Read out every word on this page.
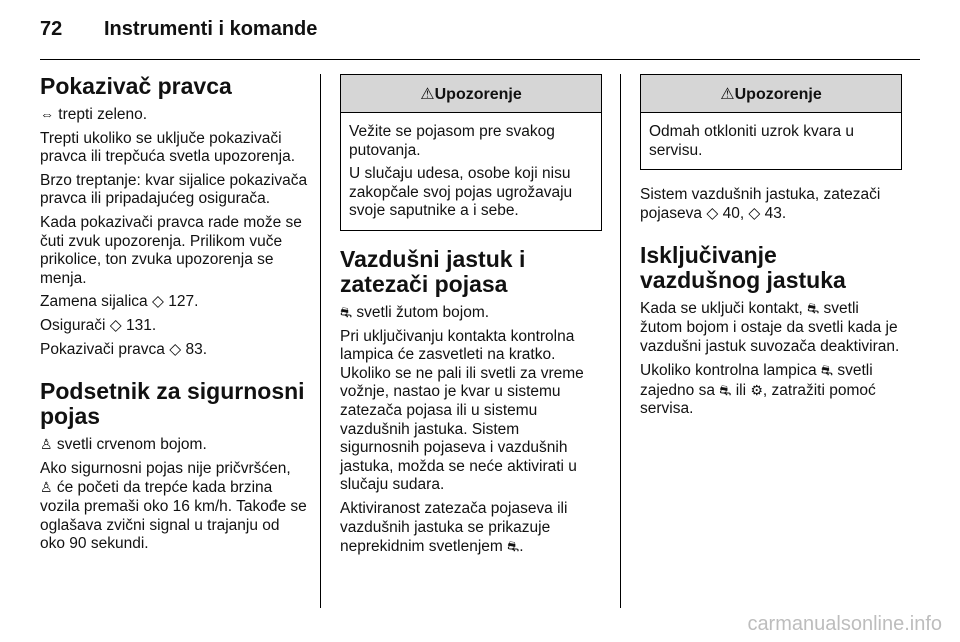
72 Instrumenti i komande
Pokazivač pravca

⇔ trepti zeleno.

Trepti ukoliko se uključe pokazivači pravca ili trepčuća svetla upozorenja.

Brzo treptanje: kvar sijalice pokazivača pravca ili pripadajućeg osigurača.

Kada pokazivači pravca rade može se čuti zvuk upozorenja. Prilikom vuče prikolice, ton zvuka upozorenja se menja.

Zamena sijalica ◇ 127.

Osigurači ◇ 131.

Pokazivači pravca ◇ 83.

Podsetnik za sigurnosni pojas

♙ svetli crvenom bojom.

Ako sigurnosni pojas nije pričvršćen,
♙ će početi da trepće kada brzina vozila premaši oko 16 km/h. Takođe se oglašava zvični signal u trajanju od oko 90 sekundi.

⚠Upozorenje

Vežite se pojasom pre svakog putovanja.

U slučaju udesa, osobe koji nisu zakopčale svoj pojas ugrožavaju svoje saputnike a i sebe.

Vazdušni jastuk i zatezači pojasa

⛐ svetli žutom bojom.

Pri uključivanju kontakta kontrolna lampica će zasvetleti na kratko. Ukoliko se ne pali ili svetli za vreme vožnje, nastao je kvar u sistemu zatezača pojasa ili u sistemu vazdušnih jastuka. Sistem sigurnosnih pojaseva i vazdušnih jastuka, možda se neće aktivirati u slučaju sudara.

Aktiviranost zatezača pojaseva ili vazdušnih jastuka se prikazuje neprekidnim svetlenjem ⛐.

⚠Upozorenje

Odmah otkloniti uzrok kvara u servisu.

Sistem vazdušnih jastuka, zatezači pojaseva ◇ 40, ◇ 43.

Isključivanje vazdušnog jastuka

Kada se uključi kontakt, ⛐ svetli žutom bojom i ostaje da svetli kada je vazdušni jastuk suvozača deaktiviran.

Ukoliko kontrolna lampica ⛐ svetli zajedno sa ⛐ ili ⚙, zatražiti pomoć servisa.

carmanualsonline.info
